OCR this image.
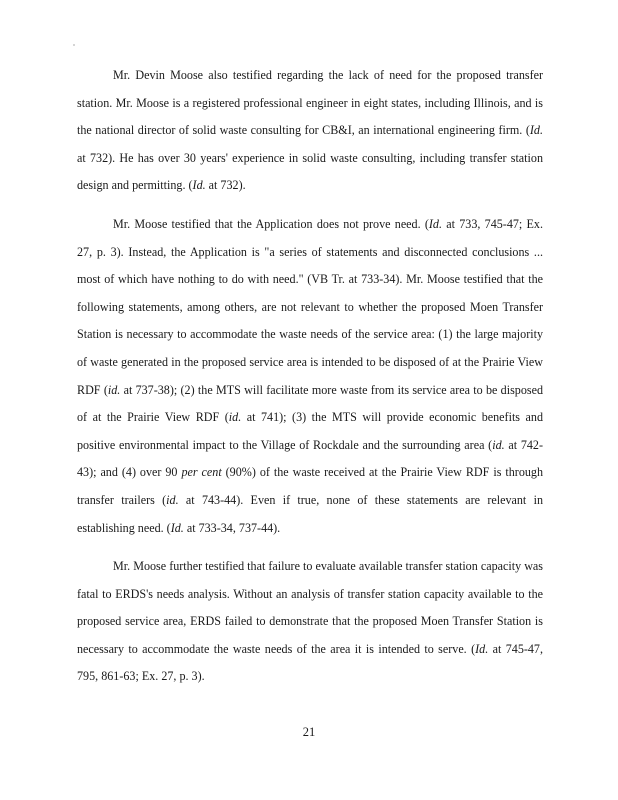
Mr. Devin Moose also testified regarding the lack of need for the proposed transfer station. Mr. Moose is a registered professional engineer in eight states, including Illinois, and is the national director of solid waste consulting for CB&I, an international engineering firm. (Id. at 732). He has over 30 years' experience in solid waste consulting, including transfer station design and permitting. (Id. at 732).

Mr. Moose testified that the Application does not prove need. (Id. at 733, 745-47; Ex. 27, p. 3). Instead, the Application is "a series of statements and disconnected conclusions ... most of which have nothing to do with need." (VB Tr. at 733-34). Mr. Moose testified that the following statements, among others, are not relevant to whether the proposed Moen Transfer Station is necessary to accommodate the waste needs of the service area: (1) the large majority of waste generated in the proposed service area is intended to be disposed of at the Prairie View RDF (id. at 737-38); (2) the MTS will facilitate more waste from its service area to be disposed of at the Prairie View RDF (id. at 741); (3) the MTS will provide economic benefits and positive environmental impact to the Village of Rockdale and the surrounding area (id. at 742-43); and (4) over 90 per cent (90%) of the waste received at the Prairie View RDF is through transfer trailers (id. at 743-44). Even if true, none of these statements are relevant in establishing need. (Id. at 733-34, 737-44).

Mr. Moose further testified that failure to evaluate available transfer station capacity was fatal to ERDS's needs analysis. Without an analysis of transfer station capacity available to the proposed service area, ERDS failed to demonstrate that the proposed Moen Transfer Station is necessary to accommodate the waste needs of the area it is intended to serve. (Id. at 745-47, 795, 861-63; Ex. 27, p. 3).

21
